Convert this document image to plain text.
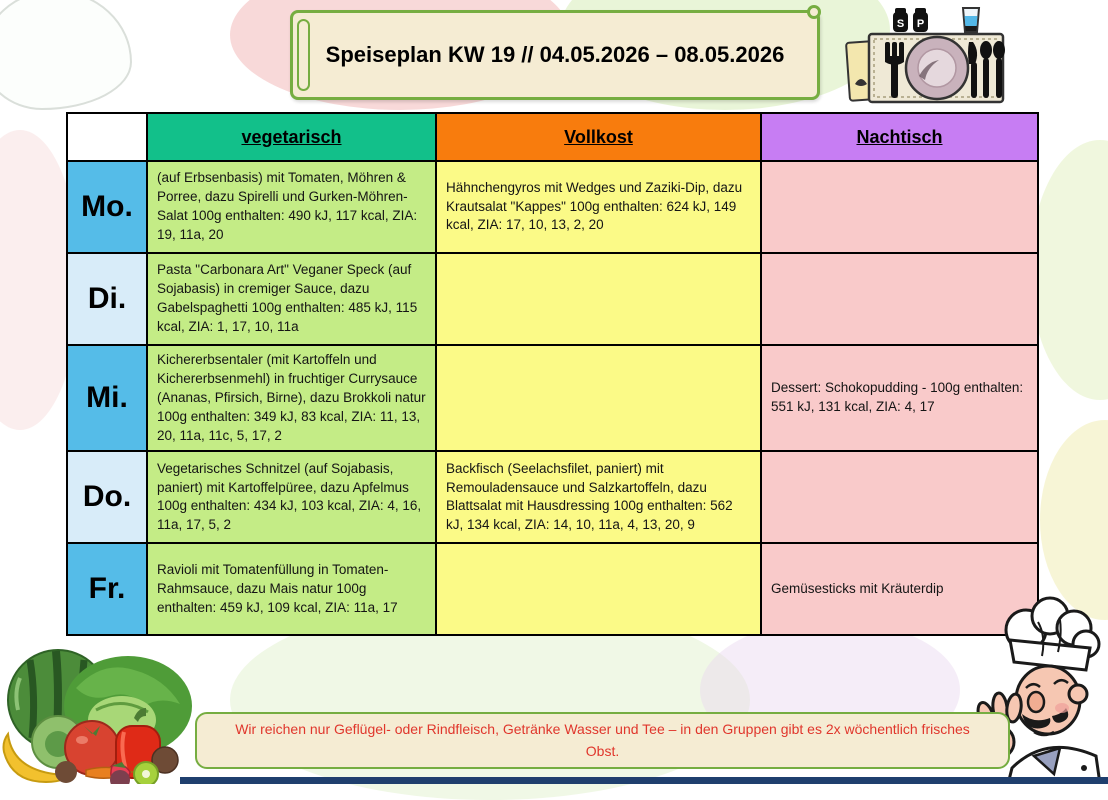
Speiseplan KW 19 // 04.05.2026 – 08.05.2026
S P
	vegetarisch	Vollkost	Nachtisch
Mo.	(auf Erbsenbasis) mit Tomaten, Möhren & Porree, dazu Spirelli und Gurken-Möhren-Salat 100g enthalten: 490 kJ, 117 kcal, ZIA: 19, 11a, 20	Hähnchengyros mit Wedges und Zaziki-Dip, dazu Krautsalat "Kappes" 100g enthalten: 624 kJ, 149 kcal, ZIA: 17, 10, 13, 2, 20	
Di.	Pasta "Carbonara Art" Veganer Speck (auf Sojabasis) in cremiger Sauce, dazu Gabelspaghetti 100g enthalten: 485 kJ, 115 kcal, ZIA: 1, 17, 10, 11a		
Mi.	Kichererbsentaler (mit Kartoffeln und Kichererbsenmehl) in fruchtiger Currysauce (Ananas, Pfirsich, Birne), dazu Brokkoli natur 100g enthalten: 349 kJ, 83 kcal, ZIA: 11, 13, 20, 11a, 11c, 5, 17, 2		Dessert: Schokopudding - 100g enthalten: 551 kJ, 131 kcal, ZIA: 4, 17
Do.	Vegetarisches Schnitzel (auf Sojabasis, paniert) mit Kartoffelpüree, dazu Apfelmus 100g enthalten: 434 kJ, 103 kcal, ZIA: 4, 16, 11a, 17, 5, 2	Backfisch (Seelachsfilet, paniert) mit Remouladensauce und Salzkartoffeln, dazu Blattsalat mit Hausdressing 100g enthalten: 562 kJ, 134 kcal, ZIA: 14, 10, 11a, 4, 13, 20, 9	
Fr.	Ravioli mit Tomatenfüllung in Tomaten-Rahmsauce, dazu Mais natur 100g enthalten: 459 kJ, 109 kcal, ZIA: 11a, 17		Gemüsesticks mit Kräuterdip

Wir reichen nur Geflügel- oder Rindfleisch, Getränke Wasser und Tee – in den Gruppen gibt es 2x wöchentlich frisches Obst.
